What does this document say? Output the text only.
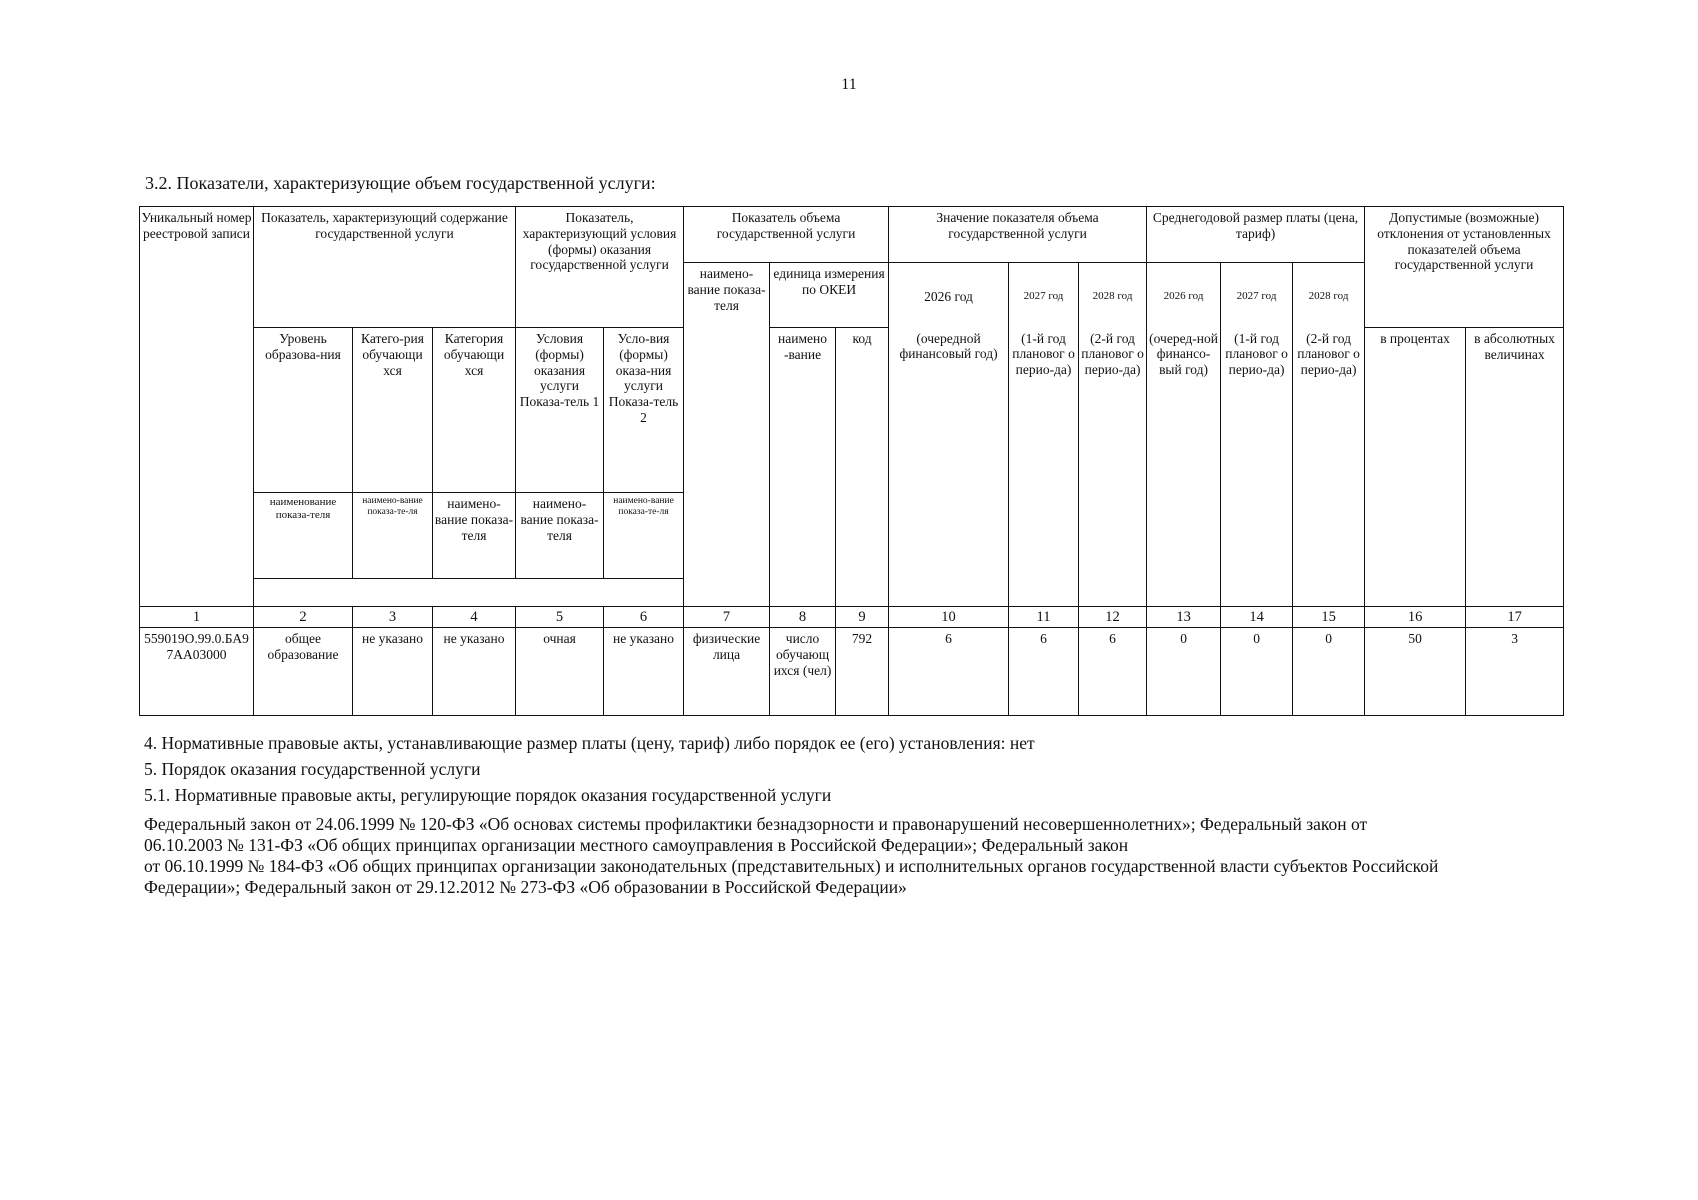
11
3.2. Показатели, характеризующие объем государственной услуги:
Уникальный номер реестровой записи	Показатель, характеризующий содержание государственной услуги			Показатель, характеризующий условия (формы) оказания государственной услуги		Показатель объема государственной услуги			Значение показателя объема государственной услуги			Среднегодовой размер платы (цена, тариф)			Допустимые (возможные) отклонения от установленных показателей объема государственной услуги	
						наимено-вание показа-теля	единица измерения по ОКЕИ		2026 год	2027 год	2028 год	2026 год	2027 год	2028 год		
	Уровень образова-ния	Катего-рия обучающи хся	Категория обучающи хся	Условия (формы) оказания услуги Показа-тель 1	Усло-вия (формы) оказа-ния услуги Показа-тель 2		наимено -вание	код	(очередной финансовый год)	(1-й год плановог о перио-да)	(2-й год плановог о перио-да)	(очеред-ной финансо-вый год)	(1-й год плановог о перио-да)	(2-й год плановог о перио-да)	в процентах	в абсолютных величинах
	наименование показа-теля	наимено-вание показа-те-ля	наимено-вание показа-теля	наимено-вание показа-теля	наимено-вание показа-те-ля											

1	2	3	4	5	6	7	8	9	10	11	12	13	14	15	16	17
559019О.99.0.БА97АА03000	общее образование	не указано	не указано	очная	не указано	физические лица	число обучающ ихся (чел)	792	6	6	6	0	0	0	50	3
4. Нормативные правовые акты, устанавливающие размер платы (цену, тариф) либо порядок ее (его) установления: нет
5. Порядок оказания государственной услуги
5.1. Нормативные правовые акты, регулирующие порядок оказания государственной услуги
Федеральный закон от 24.06.1999 № 120-ФЗ «Об основах системы профилактики безнадзорности и правонарушений несовершеннолетних»; Федеральный закон от
06.10.2003 № 131-ФЗ «Об общих принципах организации местного самоуправления в Российской Федерации»; Федеральный закон
от 06.10.1999 № 184-ФЗ «Об общих принципах организации законодательных (представительных) и исполнительных органов государственной власти субъектов Российской
Федерации»; Федеральный закон от 29.12.2012 № 273-ФЗ «Об образовании в Российской Федерации»
